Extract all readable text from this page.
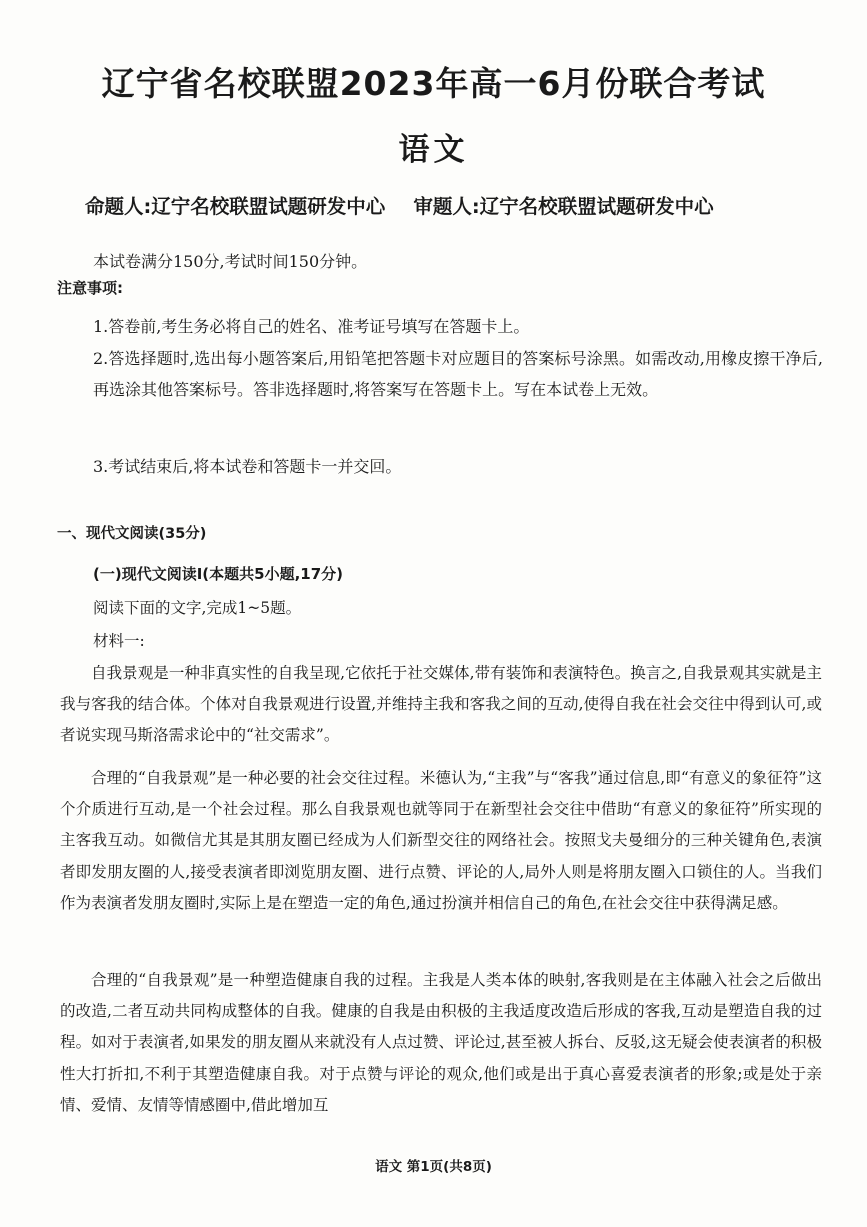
辽宁省名校联盟2023年高一6月份联合考试
语文
命题人:辽宁名校联盟试题研发中心 审题人:辽宁名校联盟试题研发中心
本试卷满分150分,考试时间150分钟。
注意事项:
1.答卷前,考生务必将自己的姓名、准考证号填写在答题卡上。
2.答选择题时,选出每小题答案后,用铅笔把答题卡对应题目的答案标号涂黑。如需改动,用橡皮擦干净后,再选涂其他答案标号。答非选择题时,将答案写在答题卡上。写在本试卷上无效。
3.考试结束后,将本试卷和答题卡一并交回。
一、现代文阅读(35分)
(一)现代文阅读Ⅰ(本题共5小题,17分)
阅读下面的文字,完成1~5题。
材料一:
自我景观是一种非真实性的自我呈现,它依托于社交媒体,带有装饰和表演特色。换言之,自我景观其实就是主我与客我的结合体。个体对自我景观进行设置,并维持主我和客我之间的互动,使得自我在社会交往中得到认可,或者说实现马斯洛需求论中的“社交需求”。
合理的“自我景观”是一种必要的社会交往过程。米德认为,“主我”与“客我”通过信息,即“有意义的象征符”这个介质进行互动,是一个社会过程。那么自我景观也就等同于在新型社会交往中借助“有意义的象征符”所实现的主客我互动。如微信尤其是其朋友圈已经成为人们新型交往的网络社会。按照戈夫曼细分的三种关键角色,表演者即发朋友圈的人,接受表演者即浏览朋友圈、进行点赞、评论的人,局外人则是将朋友圈入口锁住的人。当我们作为表演者发朋友圈时,实际上是在塑造一定的角色,通过扮演并相信自己的角色,在社会交往中获得满足感。
合理的“自我景观”是一种塑造健康自我的过程。主我是人类本体的映射,客我则是在主体融入社会之后做出的改造,二者互动共同构成整体的自我。健康的自我是由积极的主我适度改造后形成的客我,互动是塑造自我的过程。如对于表演者,如果发的朋友圈从来就没有人点过赞、评论过,甚至被人拆台、反驳,这无疑会使表演者的积极性大打折扣,不利于其塑造健康自我。对于点赞与评论的观众,他们或是出于真心喜爱表演者的形象;或是处于亲情、爱情、友情等情感圈中,借此增加互
语文 第1页(共8页)
